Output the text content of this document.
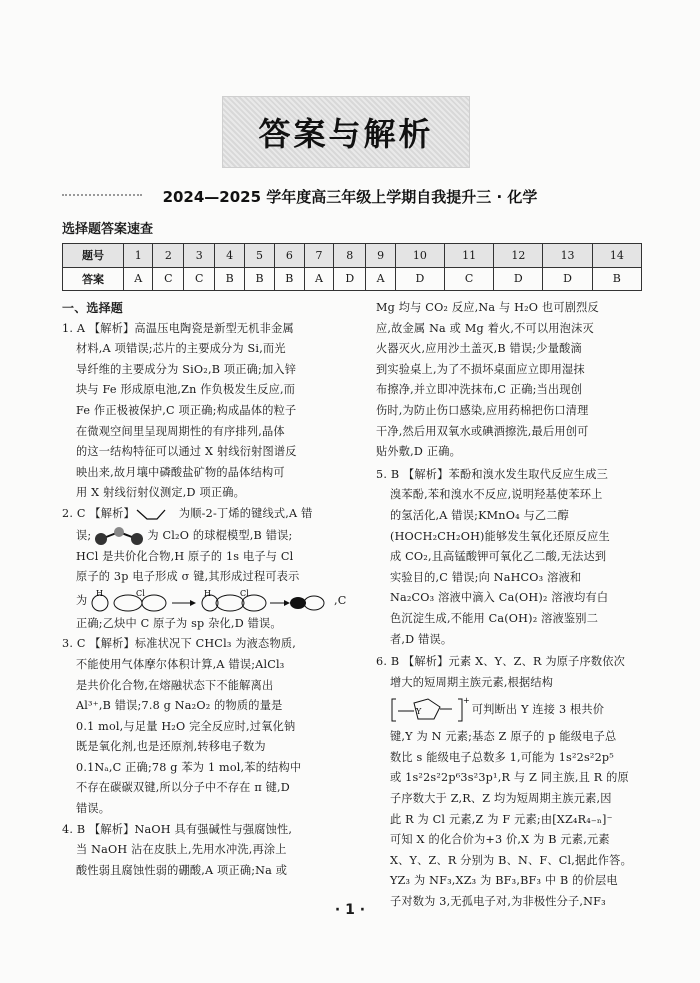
答案与解析
2024—2025 学年度高三年级上学期自我提升三 · 化学
选择题答案速查
题号	1	2	3	4	5	6	7	8	9	10	11	12	13	14
答案	A	C	C	B	B	B	A	D	A	D	C	D	D	B

一、选择题

1. A 【解析】高温压电陶瓷是新型无机非金属

材料,A 项错误;芯片的主要成分为 Si,而光

导纤维的主要成分为 SiO₂,B 项正确;加入锌

块与 Fe 形成原电池,Zn 作负极发生反应,而

Fe 作正极被保护,C 项正确;构成晶体的粒子

在微观空间里呈现周期性的有序排列,晶体

的这一结构特征可以通过 X 射线衍射图谱反

映出来,故月壤中磷酸盐矿物的晶体结构可

用 X 射线衍射仪测定,D 项正确。

2. C 【解析】	为顺-2-丁烯的键线式,A 错

误;	为 Cl₂O 的球棍模型,B 错误;

HCl 是共价化合物,H 原子的 1s 电子与 Cl

原子的 3p 电子形成 σ 键,其形成过程可表示

为
H	Cl	H	Cl
,C

正确;乙炔中 C 原子为 sp 杂化,D 错误。

3. C 【解析】标准状况下 CHCl₃ 为液态物质,

不能使用气体摩尔体积计算,A 错误;AlCl₃

是共价化合物,在熔融状态下不能解离出

Al³⁺,B 错误;7.8 g Na₂O₂ 的物质的量是

0.1 mol,与足量 H₂O 完全反应时,过氧化钠

既是氧化剂,也是还原剂,转移电子数为

0.1Nₐ,C 正确;78 g 苯为 1 mol,苯的结构中

不存在碳碳双键,所以分子中不存在 π 键,D

错误。

4. B 【解析】NaOH 具有强碱性与强腐蚀性,

当 NaOH 沾在皮肤上,先用水冲洗,再涂上

酸性弱且腐蚀性弱的硼酸,A 项正确;Na 或

Mg 均与 CO₂ 反应,Na 与 H₂O 也可剧烈反

应,故金属 Na 或 Mg 着火,不可以用泡沫灭

火器灭火,应用沙土盖灭,B 错误;少量酸滴

到实验桌上,为了不损坏桌面应立即用湿抹

布擦净,并立即冲洗抹布,C 正确;当出现创

伤时,为防止伤口感染,应用药棉把伤口清理

干净,然后用双氧水或碘酒擦洗,最后用创可

贴外敷,D 正确。

5. B 【解析】苯酚和溴水发生取代反应生成三

溴苯酚,苯和溴水不反应,说明羟基使苯环上

的氢活化,A 错误;KMnO₄ 与乙二醇

(HOCH₂CH₂OH)能够发生氧化还原反应生

成 CO₂,且高锰酸钾可氧化乙二酸,无法达到

实验目的,C 错误;向 NaHCO₃ 溶液和

Na₂CO₃ 溶液中滴入 Ca(OH)₂ 溶液均有白

色沉淀生成,不能用 Ca(OH)₂ 溶液鉴别二

者,D 错误。

6. B 【解析】元素 X、Y、Z、R 为原子序数依次

增大的短周期主族元素,根据结构

Y
+
可判断出 Y 连接 3 根共价

键,Y 为 N 元素;基态 Z 原子的 p 能级电子总

数比 s 能级电子总数多 1,可能为 1s²2s²2p⁵

或 1s²2s²2p⁶3s²3p¹,R 与 Z 同主族,且 R 的原

子序数大于 Z,R、Z 均为短周期主族元素,因

此 R 为 Cl 元素,Z 为 F 元素;由[XZ₄R₄₋ₙ]⁻

可知 X 的化合价为+3 价,X 为 B 元素,元素

X、Y、Z、R 分别为 B、N、F、Cl,据此作答。

YZ₃ 为 NF₃,XZ₃ 为 BF₃,BF₃ 中 B 的价层电

子对数为 3,无孤电子对,为非极性分子,NF₃

· 1 ·
